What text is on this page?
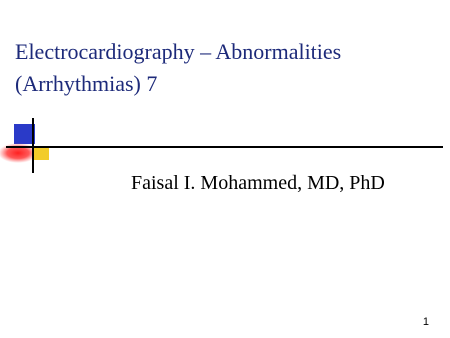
Electrocardiography – Abnormalities
(Arrhythmias) 7

Faisal I. Mohammed, MD, PhD

1
